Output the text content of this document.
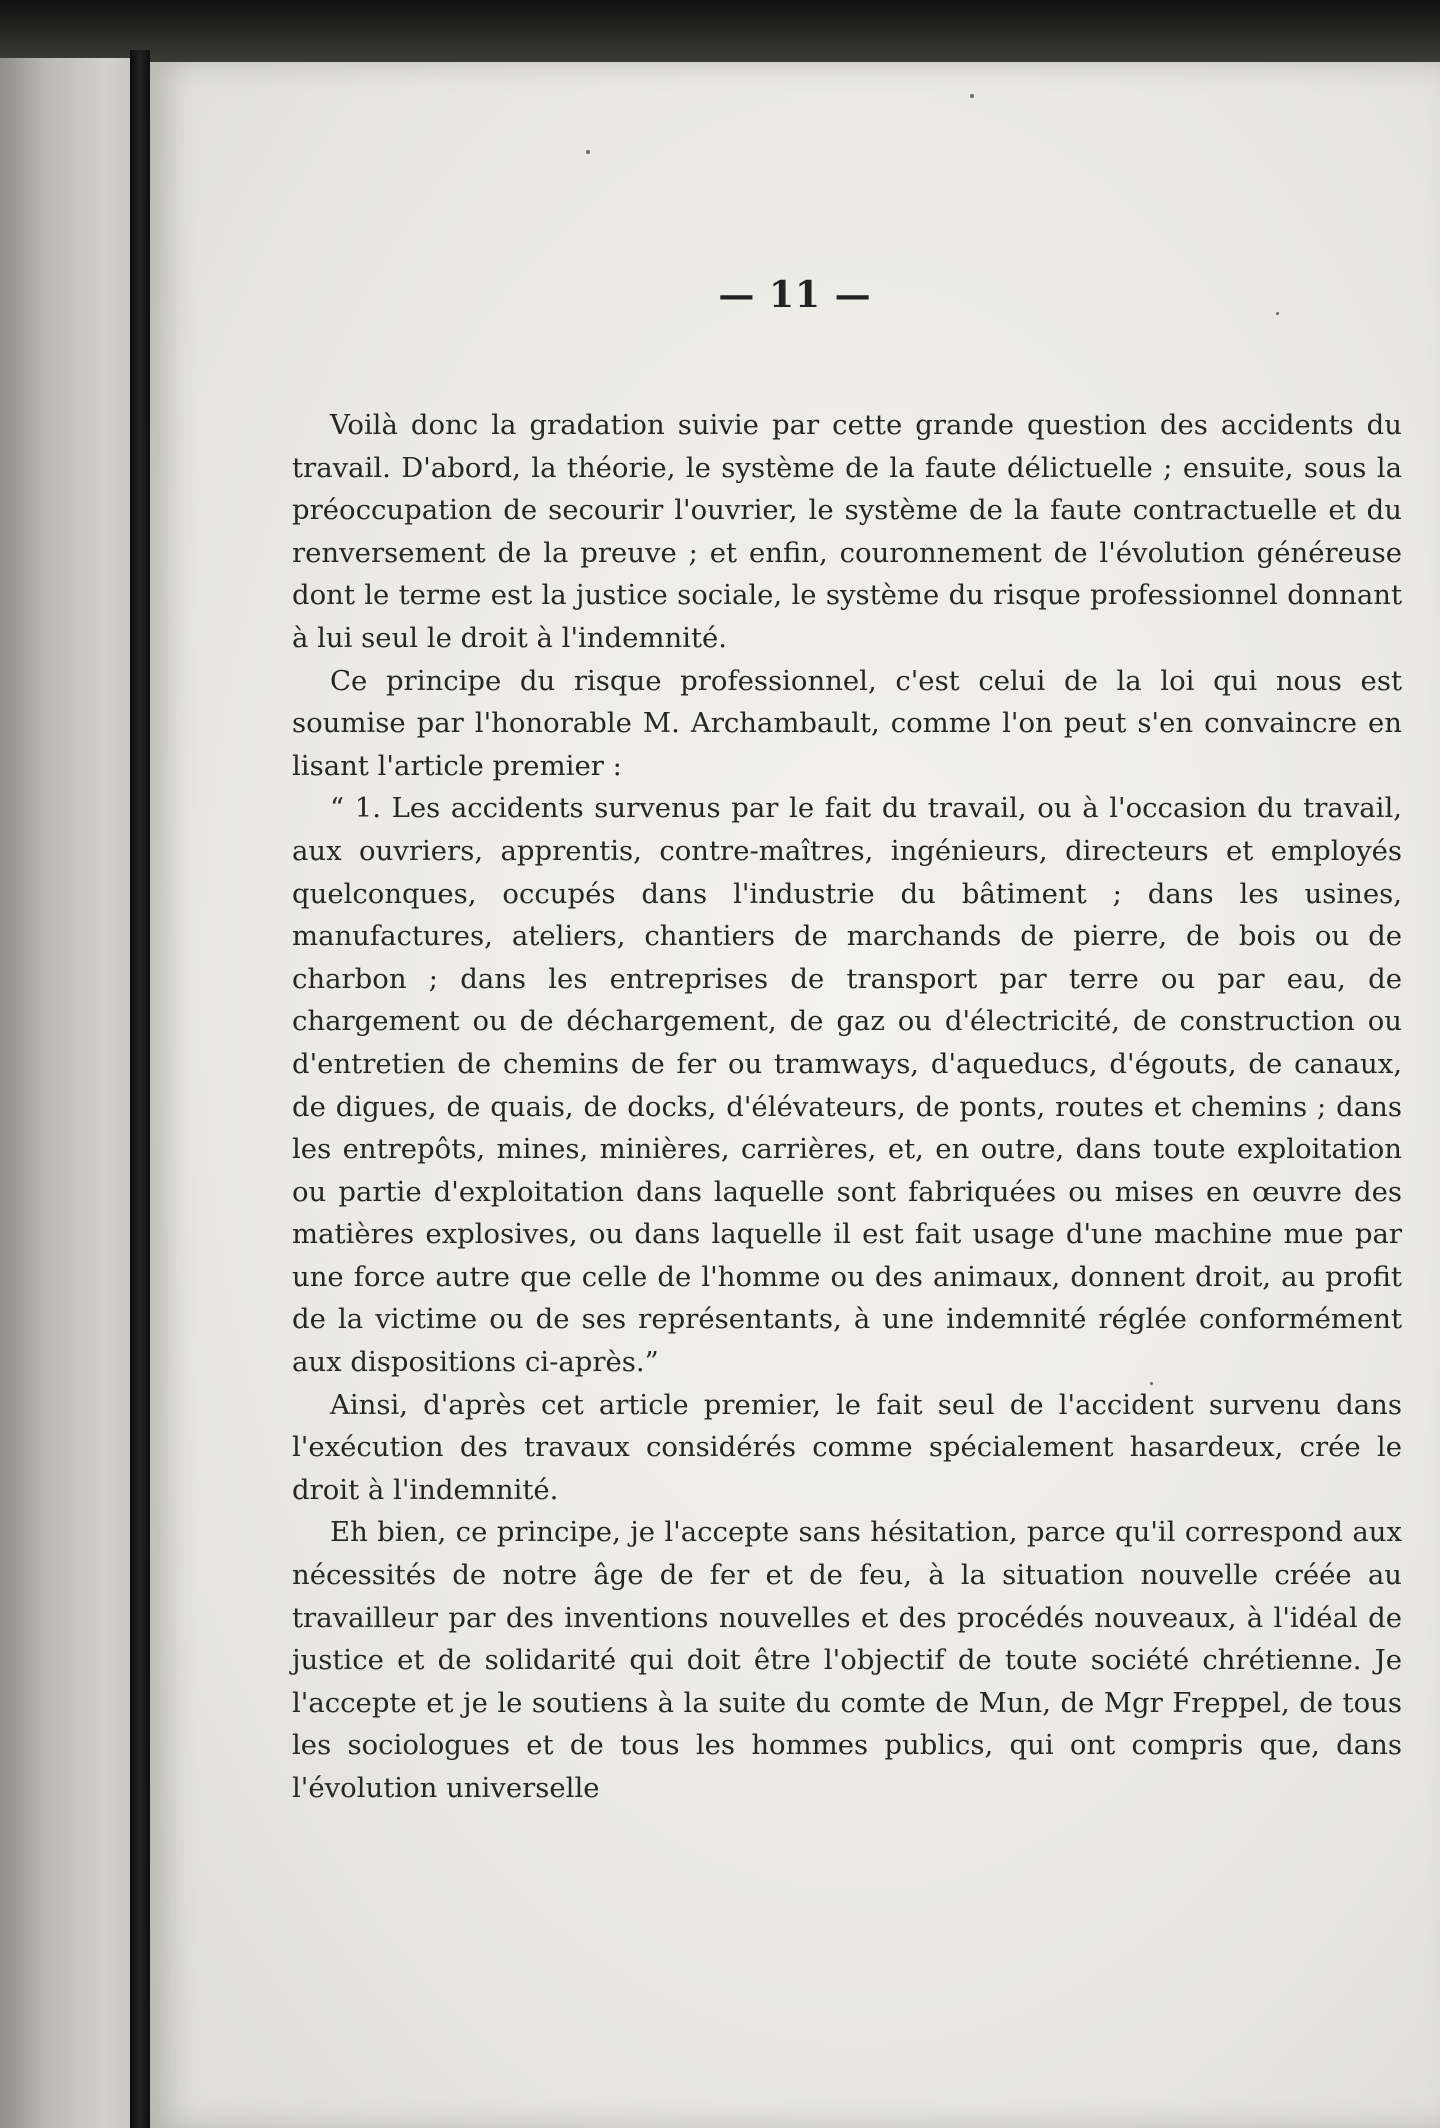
— 11 —

Voilà donc la gradation suivie par cette grande question des accidents du travail. D'abord, la théorie, le système de la faute délictuelle ; ensuite, sous la préoccupation de secourir l'ouvrier, le système de la faute contractuelle et du renversement de la preuve ; et enfin, couronnement de l'évolution généreuse dont le terme est la justice sociale, le système du risque professionnel donnant à lui seul le droit à l'indemnité.

Ce principe du risque professionnel, c'est celui de la loi qui nous est soumise par l'honorable M. Archambault, comme l'on peut s'en convaincre en lisant l'article premier :

“ 1. Les accidents survenus par le fait du travail, ou à l'occasion du travail, aux ouvriers, apprentis, contre-maîtres, ingénieurs, directeurs et employés quelconques, occupés dans l'industrie du bâtiment ; dans les usines, manufactures, ateliers, chantiers de marchands de pierre, de bois ou de charbon ; dans les entreprises de transport par terre ou par eau, de chargement ou de déchargement, de gaz ou d'électricité, de construction ou d'entretien de chemins de fer ou tramways, d'aqueducs, d'égouts, de canaux, de digues, de quais, de docks, d'élévateurs, de ponts, routes et chemins ; dans les entrepôts, mines, minières, carrières, et, en outre, dans toute exploitation ou partie d'exploitation dans laquelle sont fabriquées ou mises en œuvre des matières explosives, ou dans laquelle il est fait usage d'une machine mue par une force autre que celle de l'homme ou des animaux, donnent droit, au profit de la victime ou de ses représentants, à une indemnité réglée conformément aux dispositions ci-après.”

Ainsi, d'après cet article premier, le fait seul de l'accident survenu dans l'exécution des travaux considérés comme spécialement hasardeux, crée le droit à l'indemnité.

Eh bien, ce principe, je l'accepte sans hésitation, parce qu'il correspond aux nécessités de notre âge de fer et de feu, à la situation nouvelle créée au travailleur par des inventions nouvelles et des procédés nouveaux, à l'idéal de justice et de solidarité qui doit être l'objectif de toute société chrétienne. Je l'accepte et je le soutiens à la suite du comte de Mun, de Mgr Freppel, de tous les sociologues et de tous les hommes publics, qui ont compris que, dans l'évolution universelle
